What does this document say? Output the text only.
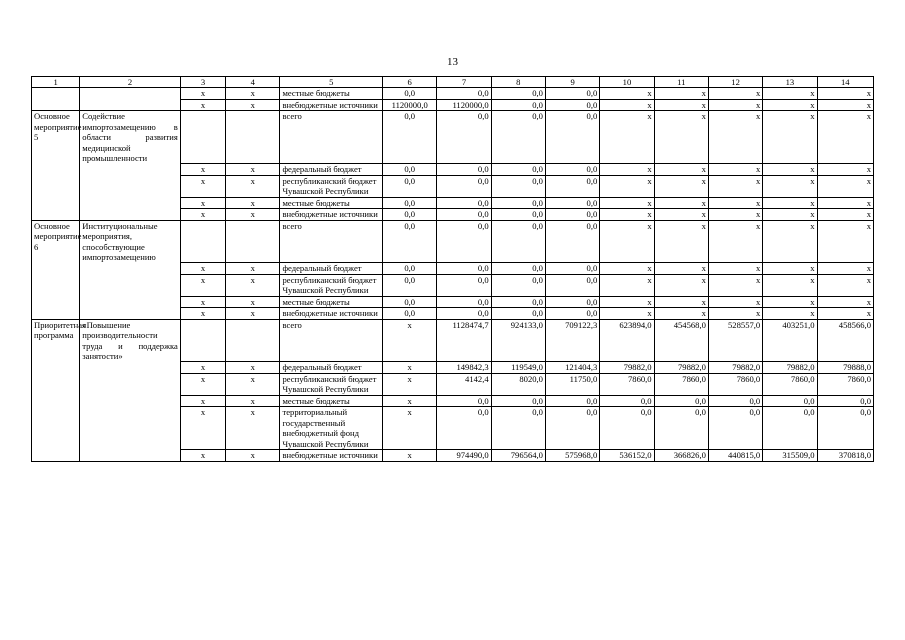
13
1	2	3	4	5	6	7	8	9	10	11	12	13	14
		х	х	местные бюджеты	0,0	0,0	0,0	0,0	х	х	х	х	х
		х	х	внебюджетные источники	1120000,0	1120000,0	0,0	0,0	х	х	х	х	х
Основное мероприятие 5	Содействие импортозамещению в области развития медицинской промышленности			всего	0,0	0,0	0,0	0,0	х	х	х	х	х
		х	х	федеральный бюджет	0,0	0,0	0,0	0,0	х	х	х	х	х
		х	х	республиканский бюджет Чувашской Республики	0,0	0,0	0,0	0,0	х	х	х	х	х
		х	х	местные бюджеты	0,0	0,0	0,0	0,0	х	х	х	х	х
		х	х	внебюджетные источники	0,0	0,0	0,0	0,0	х	х	х	х	х
Основное мероприятие 6	Институциональные мероприятия, способствующие импортозамещению			всего	0,0	0,0	0,0	0,0	х	х	х	х	х
		х	х	федеральный бюджет	0,0	0,0	0,0	0,0	х	х	х	х	х
		х	х	республиканский бюджет Чувашской Республики	0,0	0,0	0,0	0,0	х	х	х	х	х
		х	х	местные бюджеты	0,0	0,0	0,0	0,0	х	х	х	х	х
		х	х	внебюджетные источники	0,0	0,0	0,0	0,0	х	х	х	х	х
Приоритетная программа	«Повышение производительности труда и поддержка занятости»			всего	х	1128474,7	924133,0	709122,3	623894,0	454568,0	528557,0	403251,0	458566,0
		х	х	федеральный бюджет	х	149842,3	119549,0	121404,3	79882,0	79882,0	79882,0	79882,0	79888,0
		х	х	республиканский бюджет Чувашской Республики	х	4142,4	8020,0	11750,0	7860,0	7860,0	7860,0	7860,0	7860,0
		х	х	местные бюджеты	х	0,0	0,0	0,0	0,0	0,0	0,0	0,0	0,0
		х	х	территориальный государственный внебюджетный фонд Чувашской Республики	х	0,0	0,0	0,0	0,0	0,0	0,0	0,0	0,0
		х	х	внебюджетные источники	х	974490,0	796564,0	575968,0	536152,0	366826,0	440815,0	315509,0	370818,0
